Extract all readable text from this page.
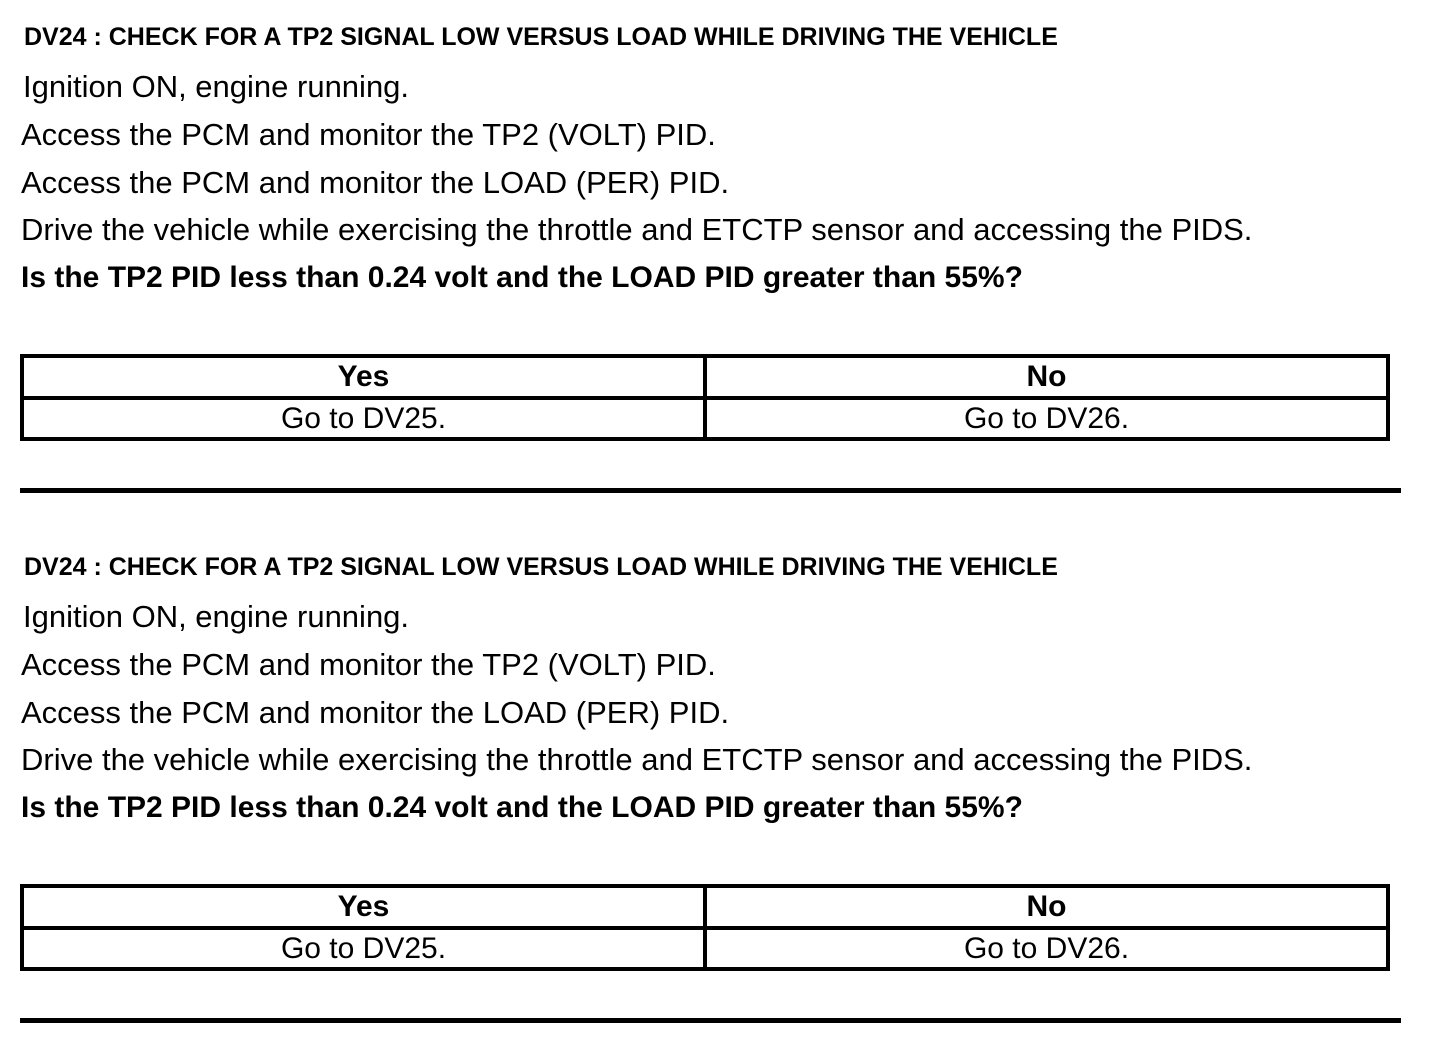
DV24 : CHECK FOR A TP2 SIGNAL LOW VERSUS LOAD WHILE DRIVING THE VEHICLE
Ignition ON, engine running.
Access the PCM and monitor the TP2 (VOLT) PID.
Access the PCM and monitor the LOAD (PER) PID.
Drive the vehicle while exercising the throttle and ETCTP sensor and accessing the PIDS.
Is the TP2 PID less than 0.24 volt and the LOAD PID greater than 55%?
Yes	No
Go to DV25.	Go to DV26.
DV24 : CHECK FOR A TP2 SIGNAL LOW VERSUS LOAD WHILE DRIVING THE VEHICLE
Ignition ON, engine running.
Access the PCM and monitor the TP2 (VOLT) PID.
Access the PCM and monitor the LOAD (PER) PID.
Drive the vehicle while exercising the throttle and ETCTP sensor and accessing the PIDS.
Is the TP2 PID less than 0.24 volt and the LOAD PID greater than 55%?
Yes	No
Go to DV25.	Go to DV26.
